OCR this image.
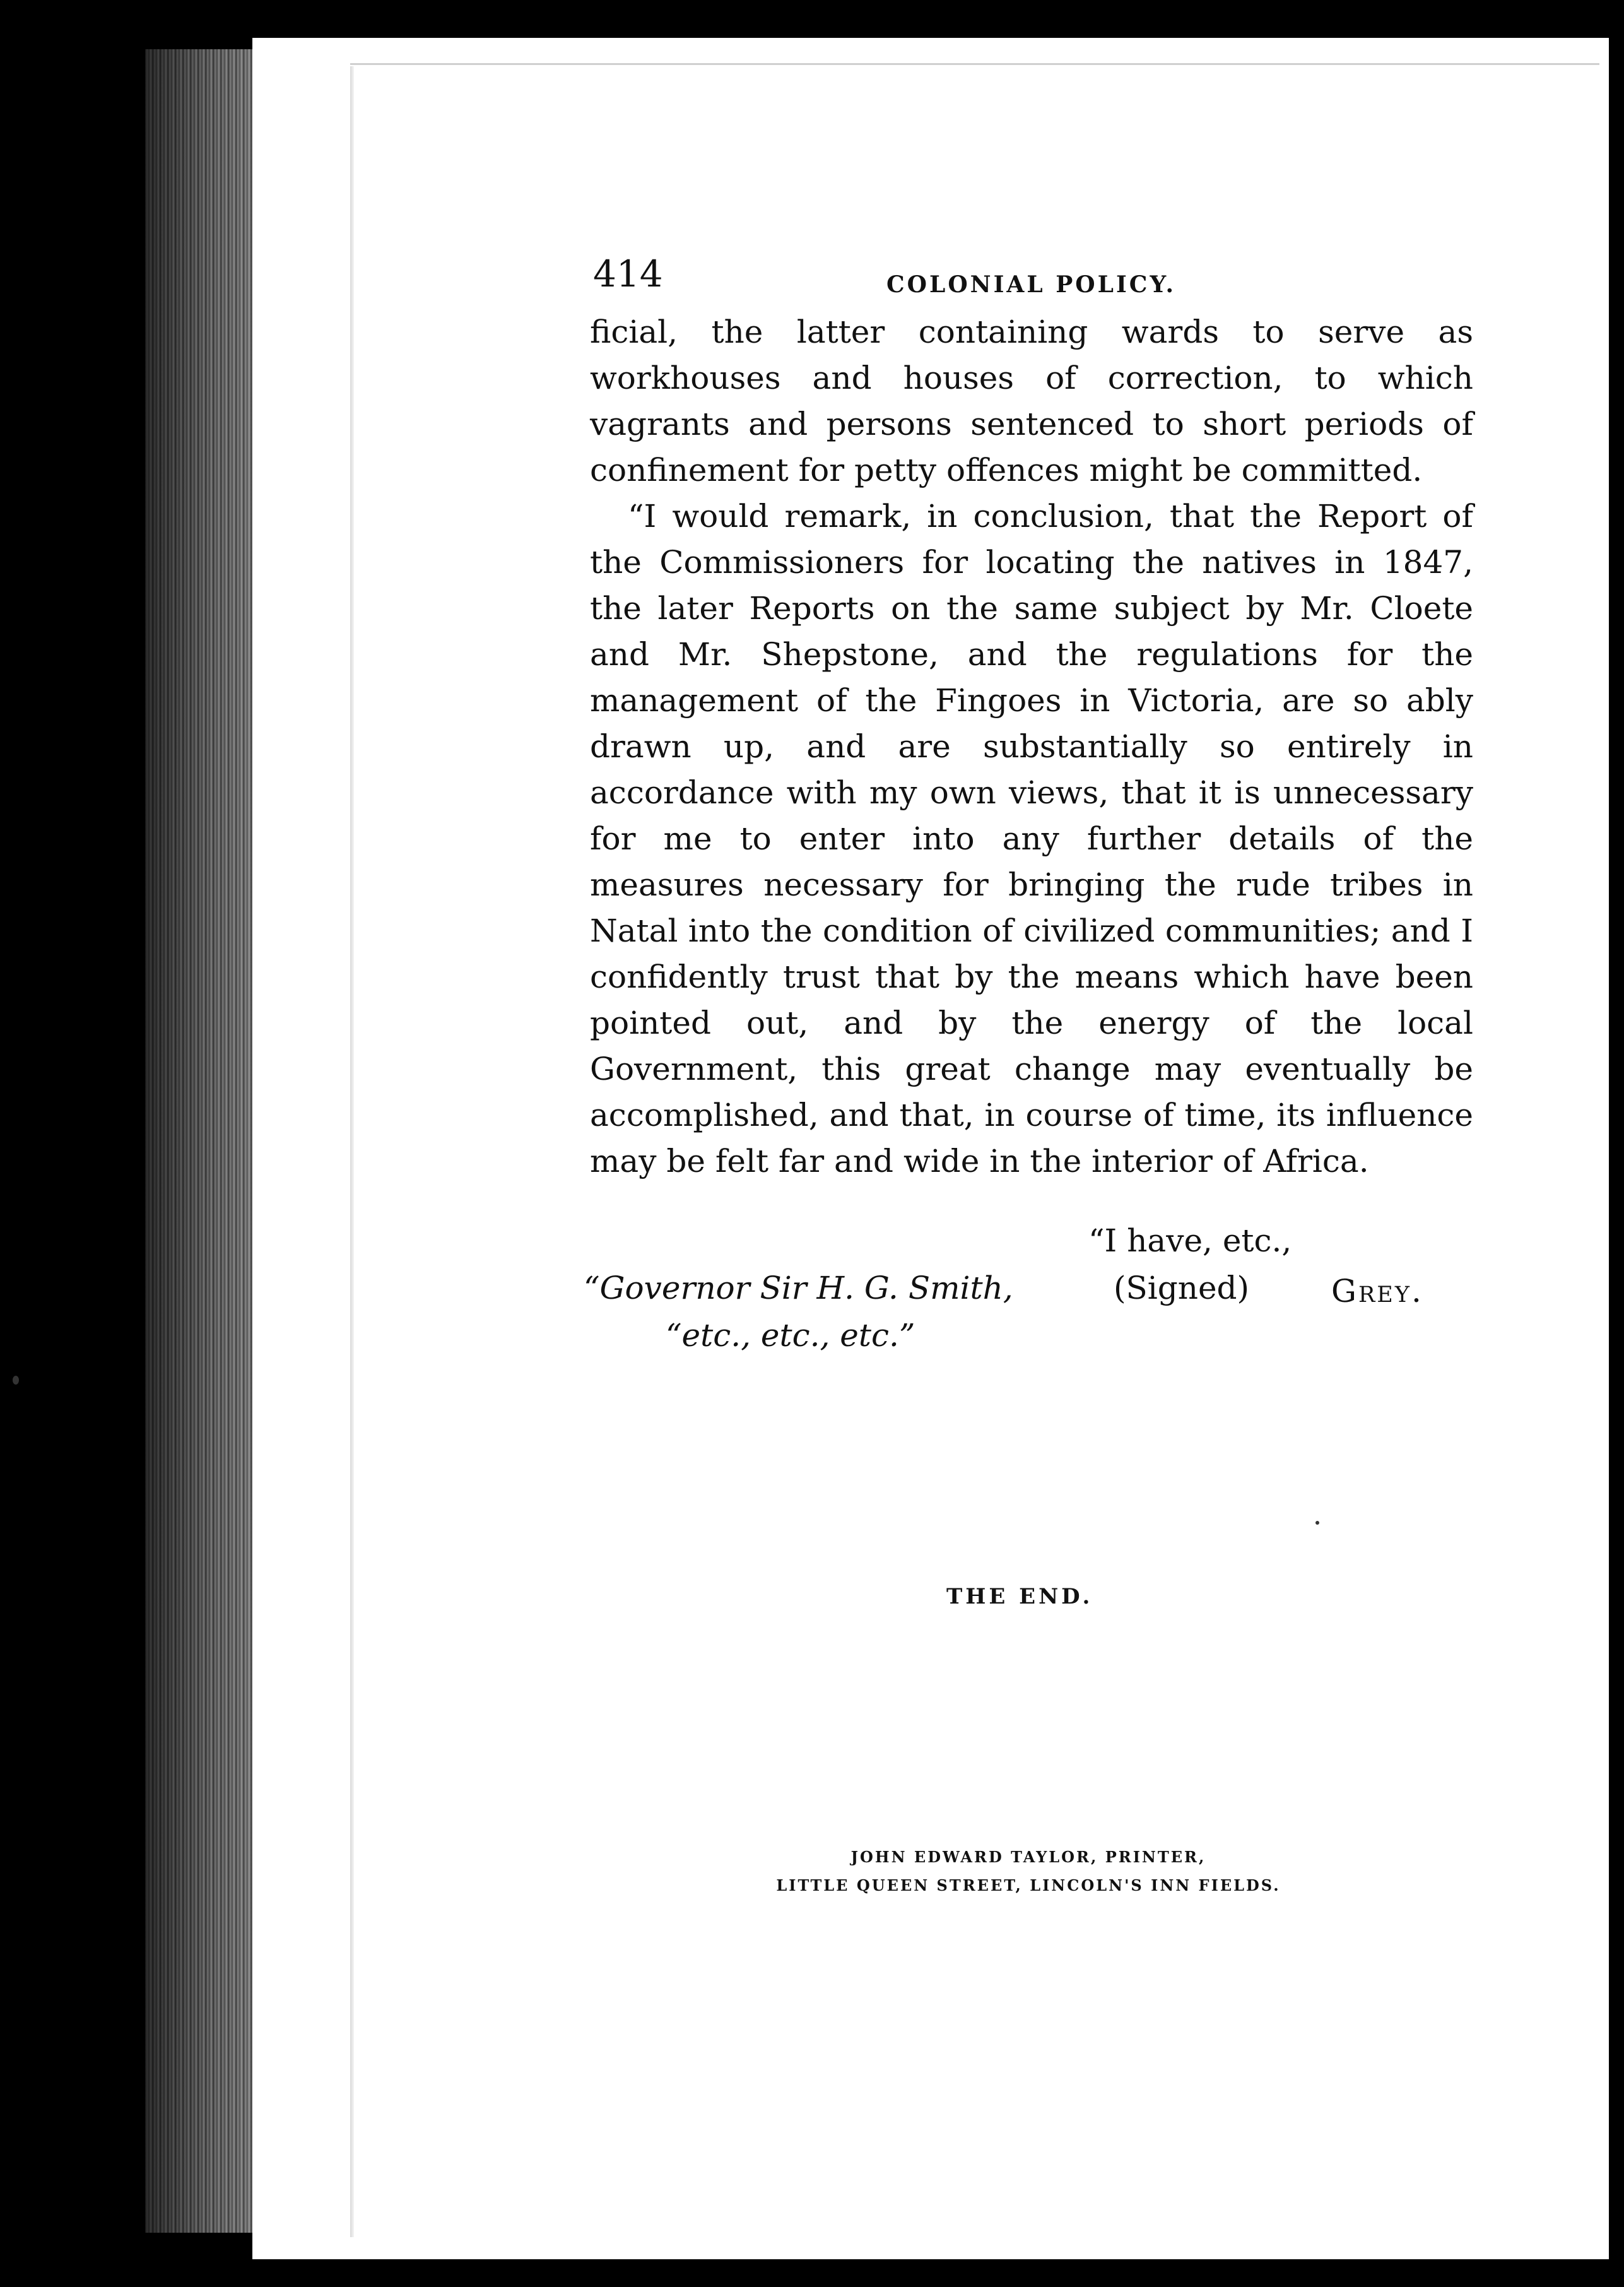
414	COLONIAL POLICY.

ficial, the latter containing wards to serve as workhouses and houses of correction, to which vagrants and persons sentenced to short periods of confinement for petty offences might be committed.

“I would remark, in conclusion, that the Report of the Commissioners for locating the natives in 1847, the later Reports on the same subject by Mr. Cloete and Mr. Shepstone, and the regulations for the management of the Fingoes in Victoria, are so ably drawn up, and are substantially so entirely in accordance with my own views, that it is unnecessary for me to enter into any further details of the measures necessary for bringing the rude tribes in Natal into the condition of civilized communities; and I confidently trust that by the means which have been pointed out, and by the energy of the local Government, this great change may eventually be accomplished, and that, in course of time, its influence may be felt far and wide in the interior of Africa.

“I have, etc.,
“Governor Sir H. G. Smith,	(Signed)	Grey.
“etc., etc., etc.”
THE END.
JOHN EDWARD TAYLOR, PRINTER,
LITTLE QUEEN STREET, LINCOLN'S INN FIELDS.
